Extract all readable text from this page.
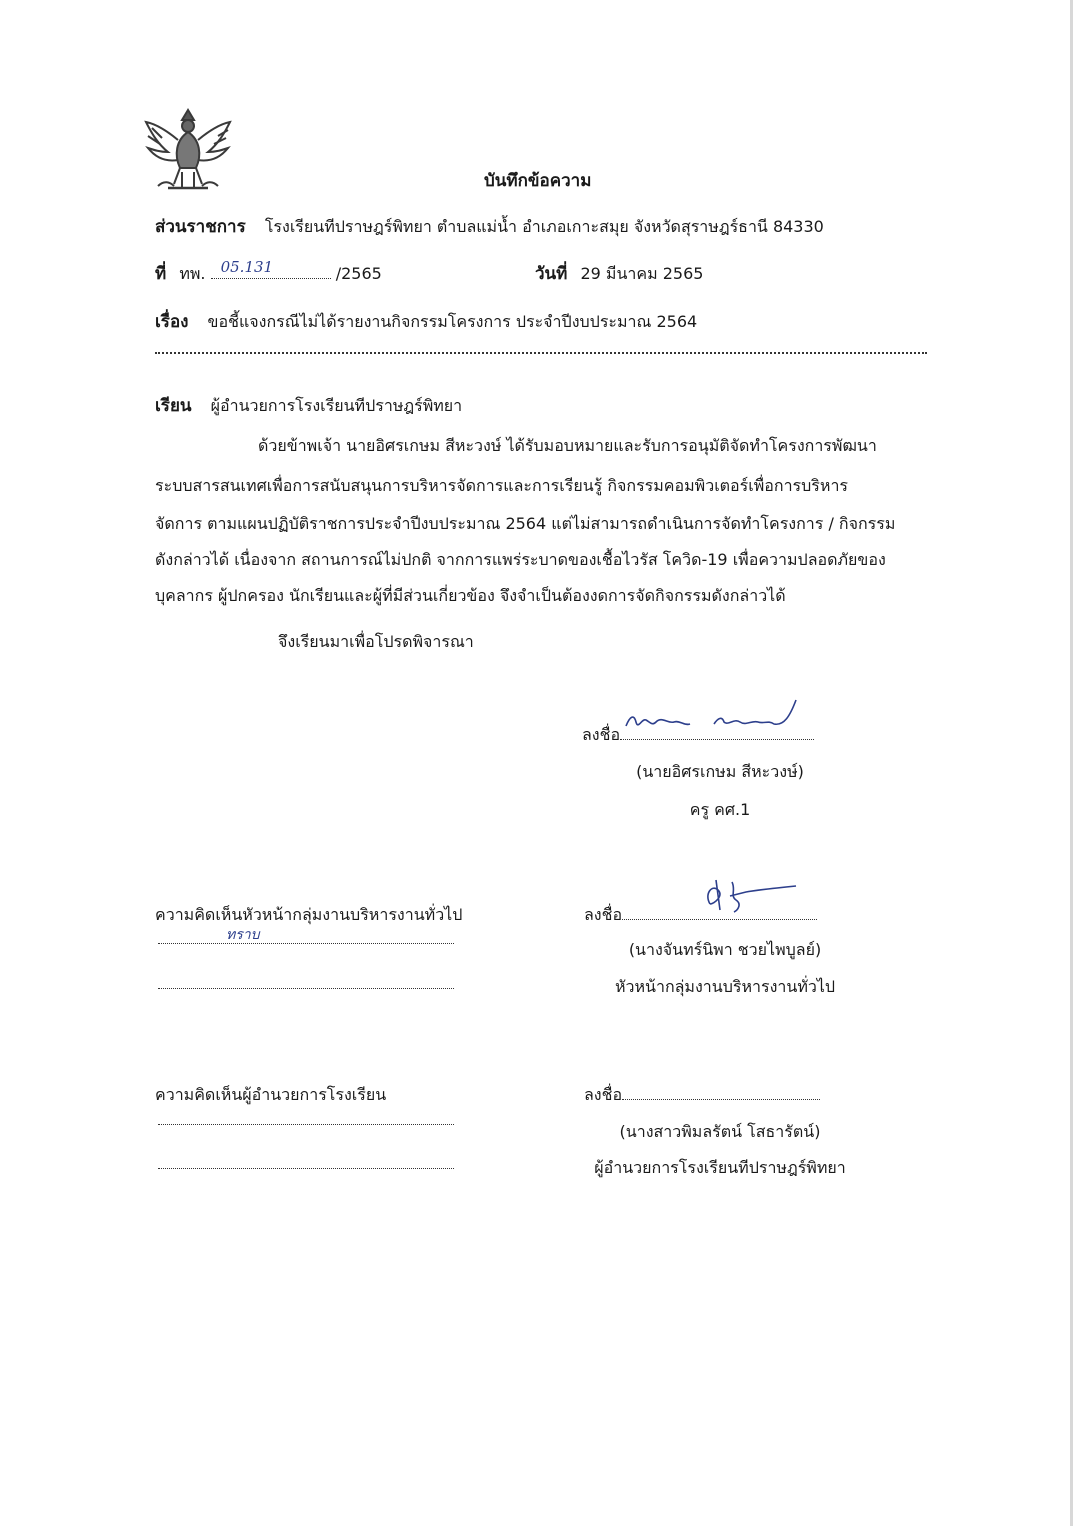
บันทึกข้อความ
ส่วนราชการ โรงเรียนทีปราษฎร์พิทยา ตำบลแม่น้ำ อำเภอเกาะสมุย จังหวัดสุราษฎร์ธานี 84330
ที่ ทพ. 05.131	/2565	วันที่ 29 มีนาคม 2565
เรื่อง ขอชี้แจงกรณีไม่ได้รายงานกิจกรรมโครงการ ประจำปีงบประมาณ 2564
เรียน ผู้อำนวยการโรงเรียนทีปราษฎร์พิทยา
ด้วยข้าพเจ้า นายอิศรเกษม สีหะวงษ์ ได้รับมอบหมายและรับการอนุมัติจัดทำโครงการพัฒนา
ระบบสารสนเทศเพื่อการสนับสนุนการบริหารจัดการและการเรียนรู้ กิจกรรมคอมพิวเตอร์เพื่อการบริหาร
จัดการ ตามแผนปฏิบัติราชการประจำปีงบประมาณ 2564 แต่ไม่สามารถดำเนินการจัดทำโครงการ / กิจกรรม
ดังกล่าวได้ เนื่องจาก สถานการณ์ไม่ปกติ จากการแพร่ระบาดของเชื้อไวรัส โควิด-19 เพื่อความปลอดภัยของ
บุคลากร ผู้ปกครอง นักเรียนและผู้ที่มีส่วนเกี่ยวข้อง จึงจำเป็นต้องงดการจัดกิจกรรมดังกล่าวได้
จึงเรียนมาเพื่อโปรดพิจารณา
ลงชื่อ
(นายอิศรเกษม สีหะวงษ์)
ครู คศ.1
ความคิดเห็นหัวหน้ากลุ่มงานบริหารงานทั่วไป
ทราบ
ลงชื่อ
(นางจันทร์นิพา ชวยไพบูลย์)
หัวหน้ากลุ่มงานบริหารงานทั่วไป
ความคิดเห็นผู้อำนวยการโรงเรียน	ลงชื่อ
(นางสาวพิมลรัตน์ โสธารัตน์)
ผู้อำนวยการโรงเรียนทีปราษฎร์พิทยา
